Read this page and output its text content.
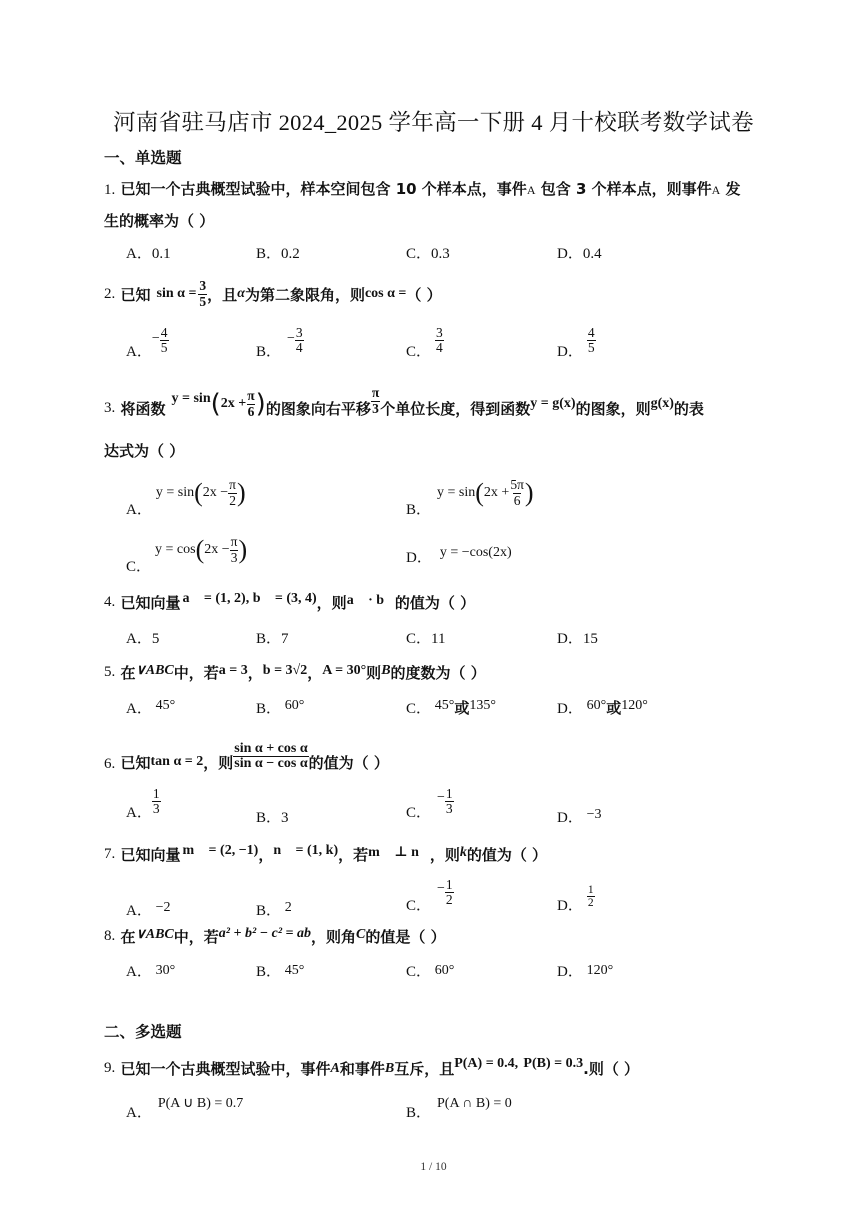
河南省驻马店市 2024_2025 学年高一下册 4 月十校联考数学试卷
一、单选题
1. 已知一个古典概型试验中，样本空间包含 10 个样本点，事件A 包含 3 个样本点，则事件A 发
生的概率为（ ）
A．0.1	B．0.2	C．0.3	D．0.4
2.
已知 $\sin \alpha = \frac{3}{5}$ ，且 α 为第二象限角，则 cos α = （ ）
A．
− $\frac{4}{5}$	B．
− $\frac{3}{4}$	C． $\frac{3}{4}$	D． $\frac{4}{5}$
3.
将函数
y = sin ( $2x + \frac{\pi}{6}$ ) 的图象向右平移 $\frac{\pi}{3}$ 个单位长度，得到函数 y = g(x) 的图象，则 g(x) 的表
达式为（ ）
A．
y = sin ( $2x - \frac{\pi}{2}$ )
B．
y = sin ( $2x + \frac{5\pi}{6}$ )
C．
y = cos ( $2x - \frac{\pi}{3}$ )	D． y = −cos(2x)
4.
已知向量 a⃗ = (1, 2), b⃗ = (3, 4) ，则 a⃗ · b⃗ 的值为（ ）
A．5	B．7	C．11	D．15
5.
在 ∨ABC 中，若 a = 3 ， b = 3√2 ， A = 30° 则 B 的度数为（ ）
A． 45°	B． 60°	C． 45°或135°	D． 60°或120°
6.
已知 tan α = 2 ，则 $\frac{\text{sin α + cos α}}{\text{sin α − cos α}}$ 的值为（ ）
A． $\frac{1}{3}$
B．3	C．
− $\frac{1}{3}$
D． −3
7.
已知向量 m⃗ = (2, −1) ， n⃗ = (1, k) ，若 m⃗ ⊥ n⃗ ，则 k 的值为（ ）
A． −2	B． 2	C．
− $\frac{1}{2}$	D． $\frac{1}{2}$
8.
在 ∨ABC 中，若 a² + b² − c² = ab ，则角 C 的值是（ ）
A． 30°	B． 45°	C． 60°	D． 120°
二、多选题
9.
已知一个古典概型试验中，事件 A 和事件 B 互斥，且 P(A) = 0.4,
P(B) = 0.3 .则（ ）
A．
P(A ∪ B) = 0.7
B．
P(A ∩ B) = 0
1 / 10
